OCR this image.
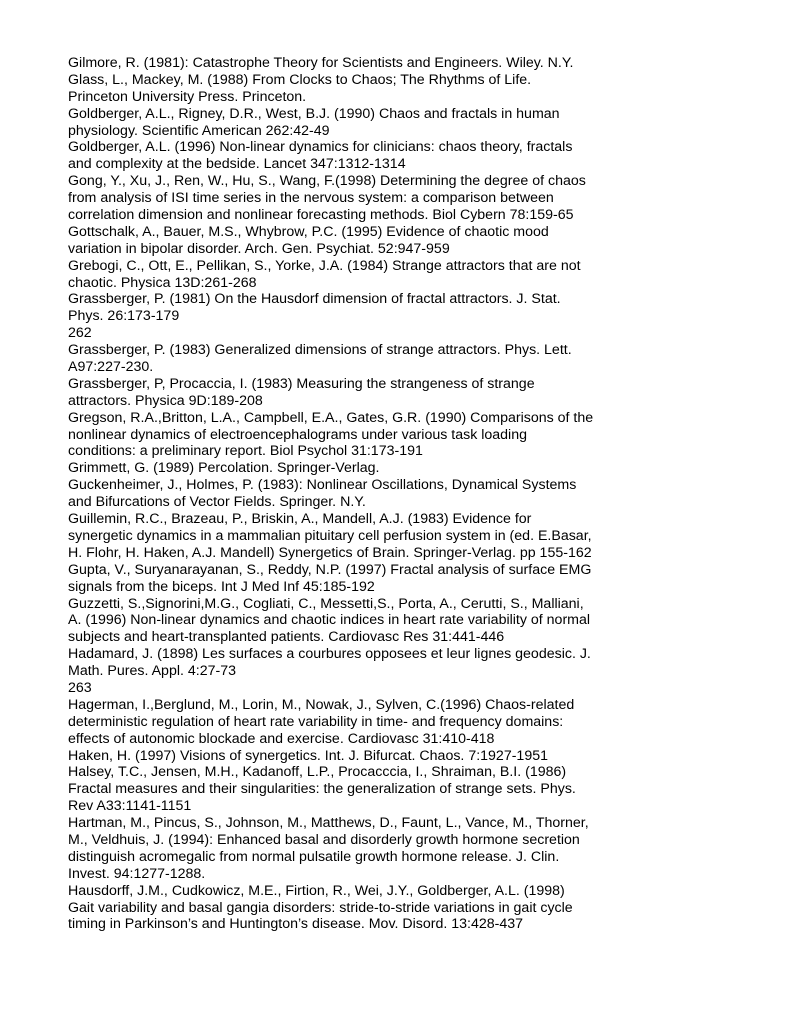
Gilmore, R. (1981): Catastrophe Theory for Scientists and Engineers. Wiley. N.Y.
Glass, L., Mackey, M. (1988) From Clocks to Chaos; The Rhythms of Life.
Princeton University Press. Princeton.
Goldberger, A.L., Rigney, D.R., West, B.J. (1990) Chaos and fractals in human
physiology. Scientific American 262:42-49
Goldberger, A.L. (1996) Non-linear dynamics for clinicians: chaos theory, fractals
and complexity at the bedside. Lancet 347:1312-1314
Gong, Y., Xu, J., Ren, W., Hu, S., Wang, F.(1998) Determining the degree of chaos
from analysis of ISI time series in the nervous system: a comparison between
correlation dimension and nonlinear forecasting methods. Biol Cybern 78:159-65
Gottschalk, A., Bauer, M.S., Whybrow, P.C. (1995) Evidence of chaotic mood
variation in bipolar disorder. Arch. Gen. Psychiat. 52:947-959
Grebogi, C., Ott, E., Pellikan, S., Yorke, J.A. (1984) Strange attractors that are not
chaotic. Physica 13D:261-268
Grassberger, P. (1981) On the Hausdorf dimension of fractal attractors. J. Stat.
Phys. 26:173-179
262
Grassberger, P. (1983) Generalized dimensions of strange attractors. Phys. Lett.
A97:227-230.
Grassberger, P, Procaccia, I. (1983) Measuring the strangeness of strange
attractors. Physica 9D:189-208
Gregson, R.A.,Britton, L.A., Campbell, E.A., Gates, G.R. (1990) Comparisons of the
nonlinear dynamics of electroencephalograms under various task loading
conditions: a preliminary report. Biol Psychol 31:173-191
Grimmett, G. (1989) Percolation. Springer-Verlag.
Guckenheimer, J., Holmes, P. (1983): Nonlinear Oscillations, Dynamical Systems
and Bifurcations of Vector Fields. Springer. N.Y.
Guillemin, R.C., Brazeau, P., Briskin, A., Mandell, A.J. (1983) Evidence for
synergetic dynamics in a mammalian pituitary cell perfusion system in (ed. E.Basar,
H. Flohr, H. Haken, A.J. Mandell) Synergetics of Brain. Springer-Verlag. pp 155-162
Gupta, V., Suryanarayanan, S., Reddy, N.P. (1997) Fractal analysis of surface EMG
signals from the biceps. Int J Med Inf 45:185-192
Guzzetti, S.,Signorini,M.G., Cogliati, C., Messetti,S., Porta, A., Cerutti, S., Malliani,
A. (1996) Non-linear dynamics and chaotic indices in heart rate variability of normal
subjects and heart-transplanted patients. Cardiovasc Res 31:441-446
Hadamard, J. (1898) Les surfaces a courbures opposees et leur lignes geodesic. J.
Math. Pures. Appl. 4:27-73
263
Hagerman, I.,Berglund, M., Lorin, M., Nowak, J., Sylven, C.(1996) Chaos-related
deterministic regulation of heart rate variability in time- and frequency domains:
effects of autonomic blockade and exercise. Cardiovasc 31:410-418
Haken, H. (1997) Visions of synergetics. Int. J. Bifurcat. Chaos. 7:1927-1951
Halsey, T.C., Jensen, M.H., Kadanoff, L.P., Procacccia, I., Shraiman, B.I. (1986)
Fractal measures and their singularities: the generalization of strange sets. Phys.
Rev A33:1141-1151
Hartman, M., Pincus, S., Johnson, M., Matthews, D., Faunt, L., Vance, M., Thorner,
M., Veldhuis, J. (1994): Enhanced basal and disorderly growth hormone secretion
distinguish acromegalic from normal pulsatile growth hormone release. J. Clin.
Invest. 94:1277-1288.
Hausdorff, J.M., Cudkowicz, M.E., Firtion, R., Wei, J.Y., Goldberger, A.L. (1998)
Gait variability and basal gangia disorders: stride-to-stride variations in gait cycle
timing in Parkinson’s and Huntington’s disease. Mov. Disord. 13:428-437
